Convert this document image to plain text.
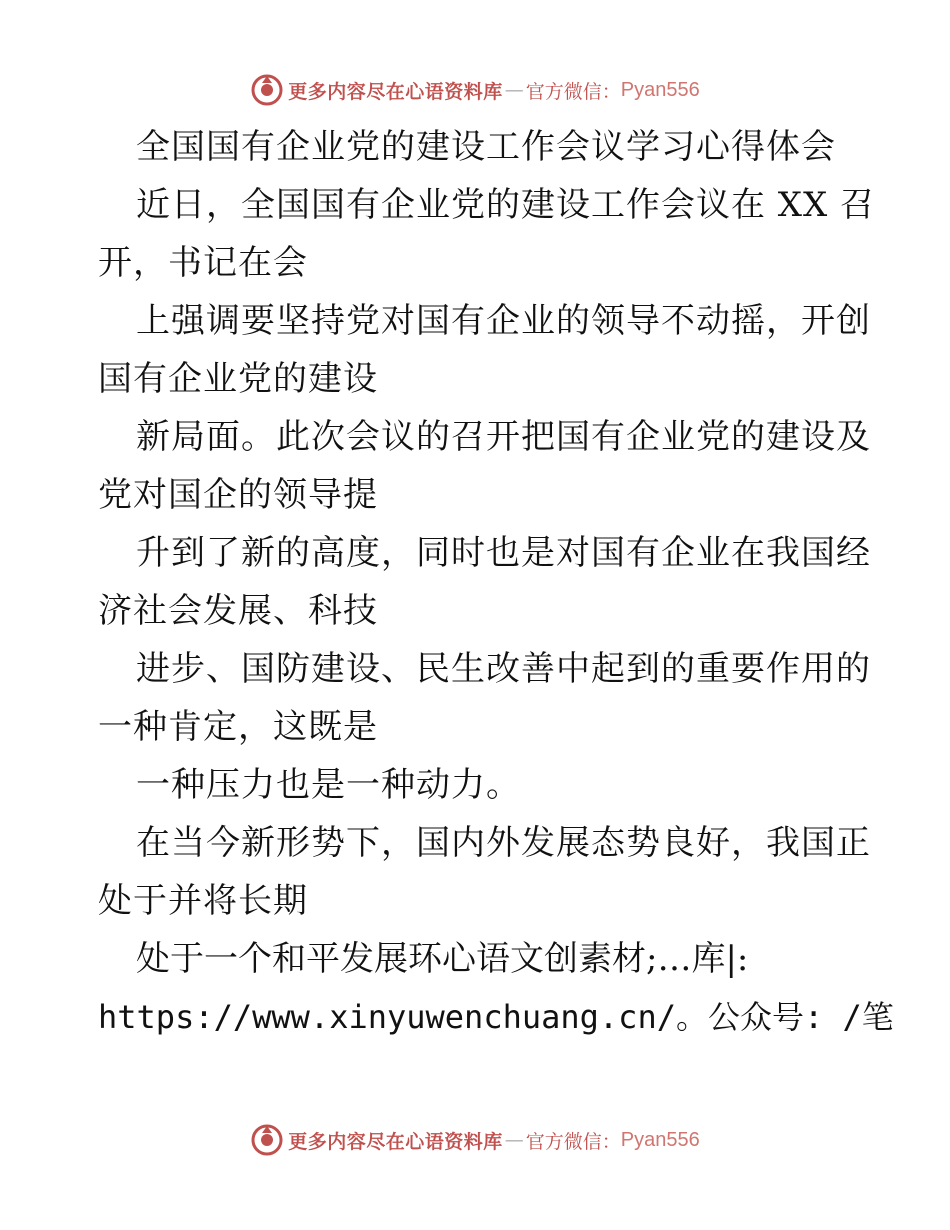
更多内容尽在心语资料库 — 官方微信： Pyan556
全国国有企业党的建设工作会议学习心得体会
近日，全国国有企业党的建设工作会议在 XX 召
开，书记在会
上强调要坚持党对国有企业的领导不动摇，开创
国有企业党的建设
新局面。此次会议的召开把国有企业党的建设及
党对国企的领导提
升到了新的高度，同时也是对国有企业在我国经
济社会发展、科技
进步、国防建设、民生改善中起到的重要作用的
一种肯定，这既是
一种压力也是一种动力。
在当今新形势下，国内外发展态势良好，我国正
处于并将长期
处于一个和平发展环心语文创素材;…库|:
https://www.xinyuwenchuang.cn/。公众号: /笔
更多内容尽在心语资料库 — 官方微信： Pyan556
